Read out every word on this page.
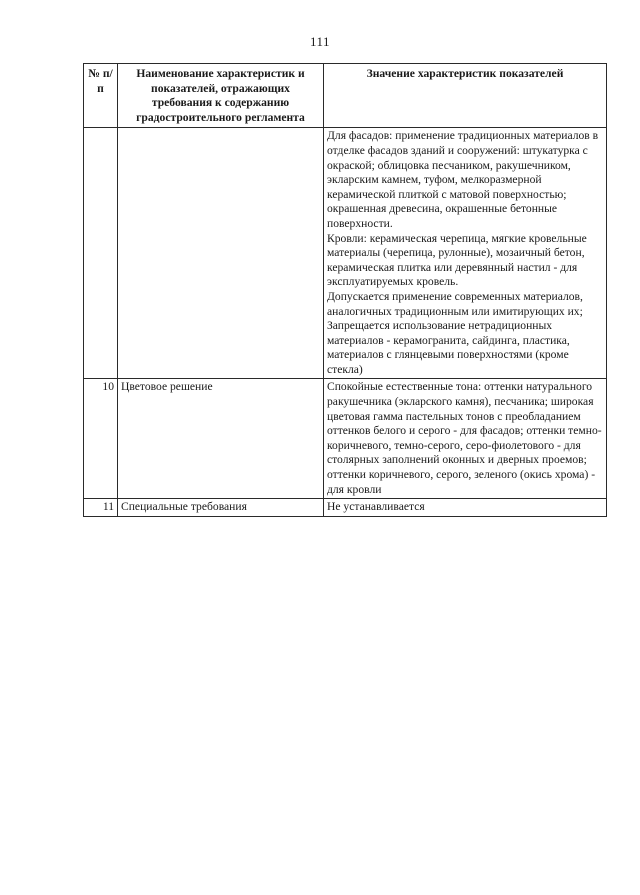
111
№ п/п	Наименование характеристик и показателей, отражающих требования к содержанию градостроительного регламента	Значение характеристик показателей

		Для фасадов: применение традиционных материалов в отделке фасадов зданий и сооружений: штукатурка с окраской; облицовка песчаником, ракушечником, экларским камнем, туфом, мелкоразмерной керамической плиткой с матовой поверхностью; окрашенная древесина, окрашенные бетонные поверхности.
Кровли: керамическая черепица, мягкие кровельные материалы (черепица, рулонные), мозаичный бетон, керамическая плитка или деревянный настил - для эксплуатируемых кровель.
Допускается применение современных материалов, аналогичных традиционным или имитирующих их;
Запрещается использование нетрадиционных материалов - керамогранита, сайдинга, пластика, материалов с глянцевыми поверхностями (кроме стекла)

10	Цветовое решение	Спокойные естественные тона: оттенки натурального ракушечника (экларского камня), песчаника; широкая цветовая гамма пастельных тонов с преобладанием оттенков белого и серого - для фасадов; оттенки темно-коричневого, темно-серого, серо-фиолетового - для столярных заполнений оконных и дверных проемов; оттенки коричневого, серого, зеленого (окись хрома) - для кровли

11	Специальные требования	Не устанавливается
